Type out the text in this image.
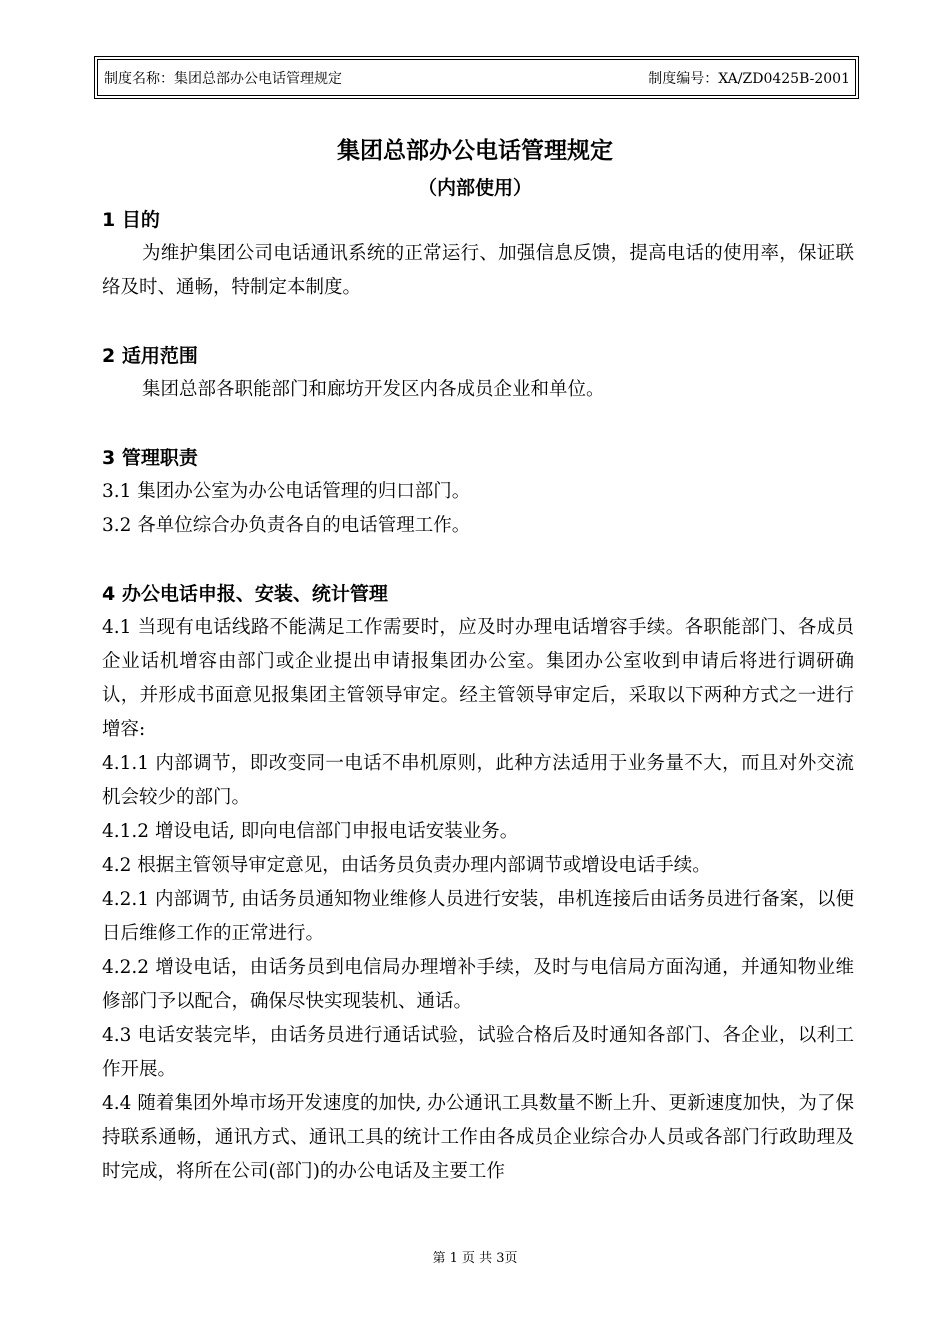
制度名称：集团总部办公电话管理规定	制度编号：XA/ZD0425B-2001
集团总部办公电话管理规定
（内部使用）
1 目的
为维护集团公司电话通讯系统的正常运行、加强信息反馈，提高电话的使用率，保证联络及时、通畅，特制定本制度。
2 适用范围
集团总部各职能部门和廊坊开发区内各成员企业和单位。
3 管理职责
3.1 集团办公室为办公电话管理的归口部门。
3.2 各单位综合办负责各自的电话管理工作。
4 办公电话申报、安装、统计管理
4.1 当现有电话线路不能满足工作需要时，应及时办理电话增容手续。各职能部门、各成员企业话机增容由部门或企业提出申请报集团办公室。集团办公室收到申请后将进行调研确认，并形成书面意见报集团主管领导审定。经主管领导审定后，采取以下两种方式之一进行增容:
4.1.1 内部调节，即改变同一电话不串机原则，此种方法适用于业务量不大，而且对外交流机会较少的部门。
4.1.2 增设电话, 即向电信部门申报电话安装业务。
4.2 根据主管领导审定意见，由话务员负责办理内部调节或增设电话手续。
4.2.1 内部调节, 由话务员通知物业维修人员进行安装，串机连接后由话务员进行备案，以便日后维修工作的正常进行。
4.2.2 增设电话，由话务员到电信局办理增补手续，及时与电信局方面沟通，并通知物业维修部门予以配合，确保尽快实现装机、通话。
4.3 电话安装完毕，由话务员进行通话试验，试验合格后及时通知各部门、各企业，以利工作开展。
4.4 随着集团外埠市场开发速度的加快, 办公通讯工具数量不断上升、更新速度加快，为了保持联系通畅，通讯方式、通讯工具的统计工作由各成员企业综合办人员或各部门行政助理及时完成，将所在公司(部门)的办公电话及主要工作
第 1 页 共 3页
